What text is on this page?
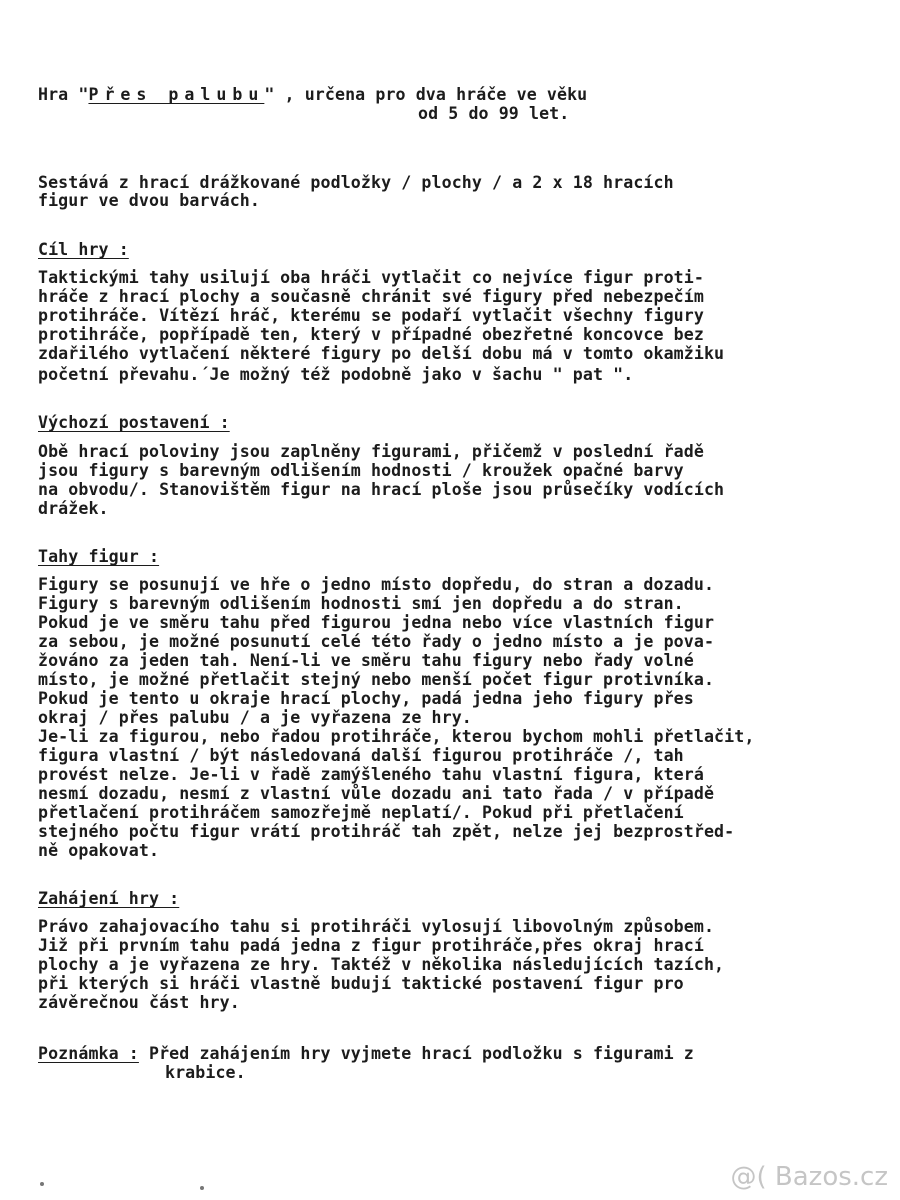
Hra "Přes palubu" , určena pro dva hráče ve věku
od 5 do 99 let.
Sestává z hrací drážkované podložky / plochy / a 2 x 18 hracích
figur ve dvou barvách.
Cíl hry :
Taktickými tahy usilují oba hráči vytlačit co nejvíce figur proti-
hráče z hrací plochy a současně chránit své figury před nebezpečím
protihráče. Vítězí hráč, kterému se podaří vytlačit všechny figury
protihráče, popřípadě ten, který v případné obezřetné koncovce bez
zdařilého vytlačení některé figury po delší dobu má v tomto okamžiku
početní převahu.´Je možný též podobně jako v šachu " pat ".
Výchozí postavení :
Obě hrací poloviny jsou zaplněny figurami, přičemž v poslední řadě
jsou figury s barevným odlišením hodnosti / kroužek opačné barvy
na obvodu/. Stanovištěm figur na hrací ploše jsou průsečíky vodících
drážek.
Tahy figur :
Figury se posunují ve hře o jedno místo dopředu, do stran a dozadu.
Figury s barevným odlišením hodnosti smí jen dopředu a do stran.
Pokud je ve směru tahu před figurou jedna nebo více vlastních figur
za sebou, je možné posunutí celé této řady o jedno místo a je pova-
žováno za jeden tah. Není-li ve směru tahu figury nebo řady volné
místo, je možné přetlačit stejný nebo menší počet figur protivníka.
Pokud je tento u okraje hrací plochy, padá jedna jeho figury přes
okraj / přes palubu / a je vyřazena ze hry.
Je-li za figurou, nebo řadou protihráče, kterou bychom mohli přetlačit,
figura vlastní / být následovaná další figurou protihráče /, tah
provést nelze. Je-li v řadě zamýšleného tahu vlastní figura, která
nesmí dozadu, nesmí z vlastní vůle dozadu ani tato řada / v případě
přetlačení protihráčem samozřejmě neplatí/. Pokud při přetlačení
stejného počtu figur vrátí protihráč tah zpět, nelze jej bezprostřed-
ně opakovat.
Zahájení hry :
Právo zahajovacího tahu si protihráči vylosují libovolným způsobem.
Již při prvním tahu padá jedna z figur protihráče,přes okraj hrací
plochy a je vyřazena ze hry. Taktéž v několika následujících tazích,
při kterých si hráči vlastně budují taktické postavení figur pro
závěrečnou část hry.
Poznámka : Před zahájením hry vyjmete hrací podložku s figurami z
krabice.
@( Bazos.cz
